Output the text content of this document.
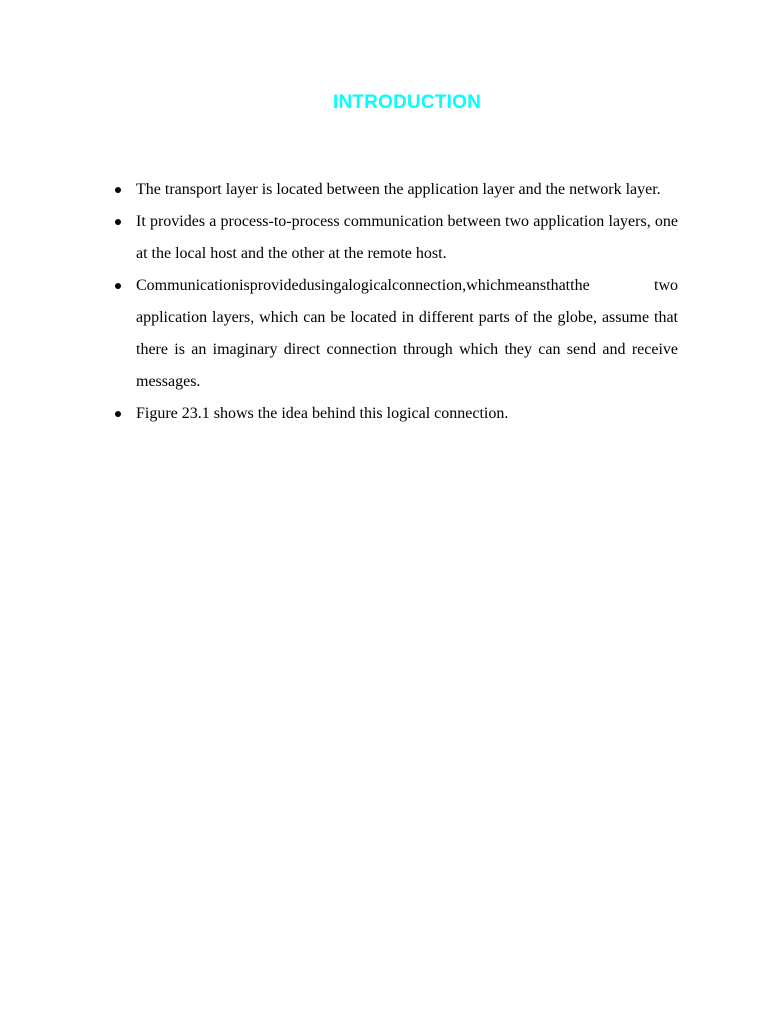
INTRODUCTION
The transport layer is located between the application layer and the network layer.
It provides a process-to-process communication between two application layers, one at the local host and the other at the remote host.
Communicationisprovidedusingalogicalconnection,whichmeansthatthe two application layers, which can be located in different parts of the globe, assume that there is an imaginary direct connection through which they can send and receive messages.
Figure 23.1 shows the idea behind this logical connection.
